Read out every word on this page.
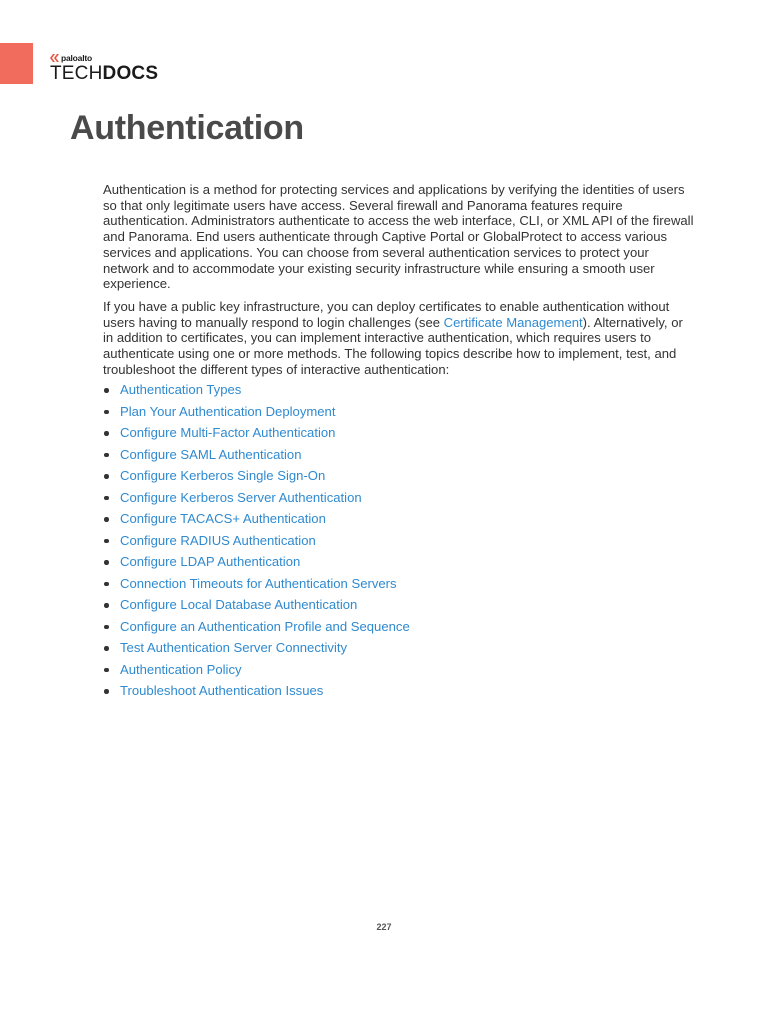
paloalto
TECHDOCS
Authentication

Authentication is a method for protecting services and applications by verifying the identities of users so that only legitimate users have access. Several firewall and Panorama features require authentication. Administrators authenticate to access the web interface, CLI, or XML API of the firewall and Panorama. End users authenticate through Captive Portal or GlobalProtect to access various services and applications. You can choose from several authentication services to protect your network and to accommodate your existing security infrastructure while ensuring a smooth user experience.

If you have a public key infrastructure, you can deploy certificates to enable authentication without users having to manually respond to login challenges (see Certificate Management). Alternatively, or in addition to certificates, you can implement interactive authentication, which requires users to authenticate using one or more methods. The following topics describe how to implement, test, and troubleshoot the different types of interactive authentication:

Authentication Types
Plan Your Authentication Deployment
Configure Multi-Factor Authentication
Configure SAML Authentication
Configure Kerberos Single Sign-On
Configure Kerberos Server Authentication
Configure TACACS+ Authentication
Configure RADIUS Authentication
Configure LDAP Authentication
Connection Timeouts for Authentication Servers
Configure Local Database Authentication
Configure an Authentication Profile and Sequence
Test Authentication Server Connectivity
Authentication Policy
Troubleshoot Authentication Issues
227
